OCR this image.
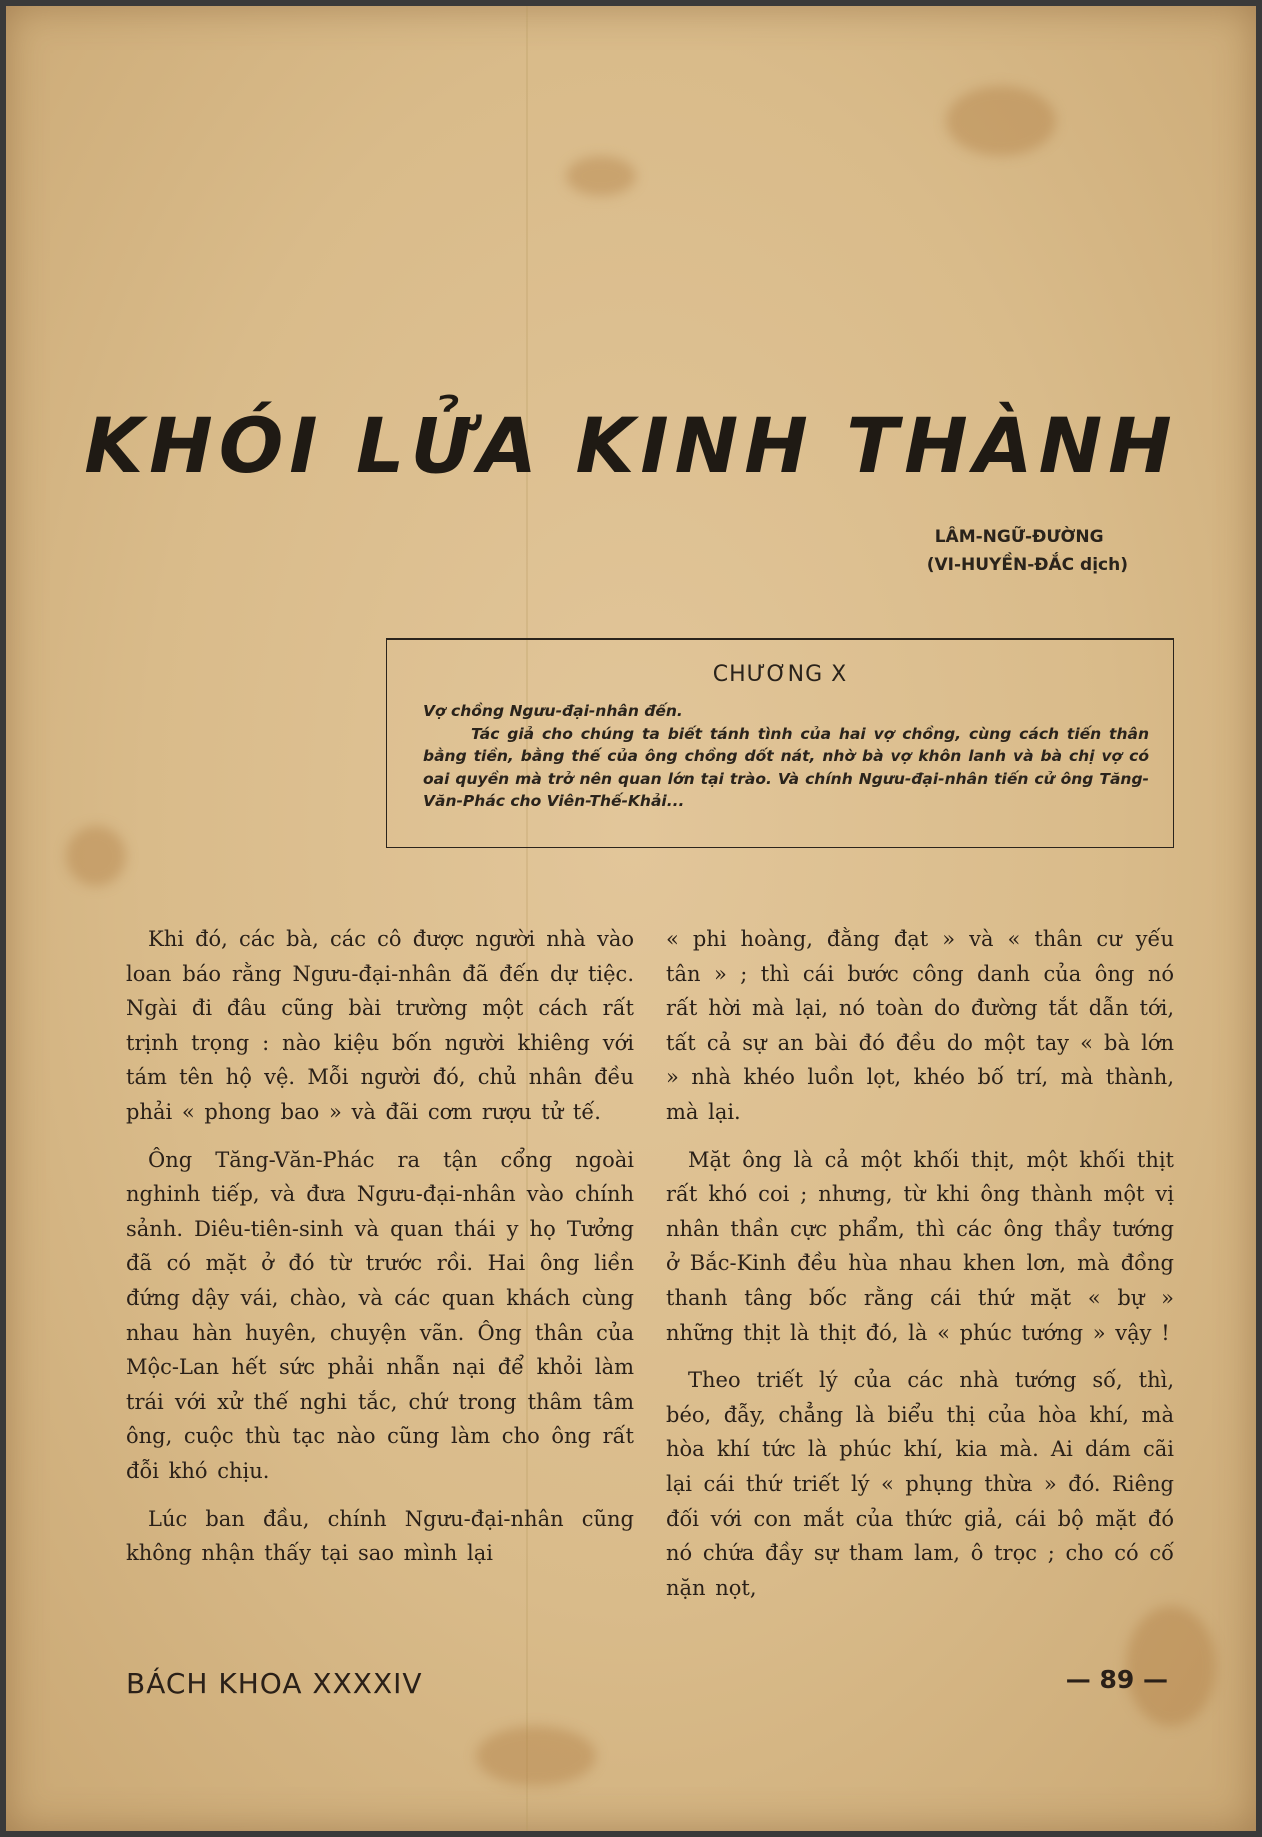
KHÓI LỬA KINH THÀNH
LÂM-NGỮ-ĐƯỜNG
(VI-HUYỀN-ĐẮC dịch)
CHƯƠNG X

Vợ chồng Ngưu-đại-nhân đến.

Tác giả cho chúng ta biết tánh tình của hai vợ chồng, cùng cách tiến thân bằng tiền, bằng thế của ông chồng dốt nát, nhờ bà vợ khôn lanh và bà chị vợ có oai quyền mà trở nên quan lớn tại trào. Và chính Ngưu-đại-nhân tiến cử ông Tăng-Văn-Phác cho Viên-Thế-Khải...

Khi đó, các bà, các cô được người nhà vào loan báo rằng Ngưu-đại-nhân đã đến dự tiệc. Ngài đi đâu cũng bài trường một cách rất trịnh trọng : nào kiệu bốn người khiêng với tám tên hộ vệ. Mỗi người đó, chủ nhân đều phải « phong bao » và đãi cơm rượu tử tế.

Ông Tăng-Văn-Phác ra tận cổng ngoài nghinh tiếp, và đưa Ngưu-đại-nhân vào chính sảnh. Diêu-tiên-sinh và quan thái y họ Tưởng đã có mặt ở đó từ trước rồi. Hai ông liền đứng dậy vái, chào, và các quan khách cùng nhau hàn huyên, chuyện vãn. Ông thân của Mộc-Lan hết sức phải nhẫn nại để khỏi làm trái với xử thế nghi tắc, chứ trong thâm tâm ông, cuộc thù tạc nào cũng làm cho ông rất đỗi khó chịu.

Lúc ban đầu, chính Ngưu-đại-nhân cũng không nhận thấy tại sao mình lại

« phi hoàng, đằng đạt » và « thân cư yếu tân » ; thì cái bước công danh của ông nó rất hời mà lại, nó toàn do đường tắt dẫn tới, tất cả sự an bài đó đều do một tay « bà lớn » nhà khéo luồn lọt, khéo bố trí, mà thành, mà lại.

Mặt ông là cả một khối thịt, một khối thịt rất khó coi ; nhưng, từ khi ông thành một vị nhân thần cực phẩm, thì các ông thầy tướng ở Bắc-Kinh đều hùa nhau khen lơn, mà đồng thanh tâng bốc rằng cái thứ mặt « bự » những thịt là thịt đó, là « phúc tướng » vậy !

Theo triết lý của các nhà tướng số, thì, béo, đẫy, chẳng là biểu thị của hòa khí, mà hòa khí tức là phúc khí, kia mà. Ai dám cãi lại cái thứ triết lý « phụng thừa » đó. Riêng đối với con mắt của thức giả, cái bộ mặt đó nó chứa đầy sự tham lam, ô trọc ; cho có cố nặn nọt,

BÁCH KHOA XXXXIV	— 89 —
